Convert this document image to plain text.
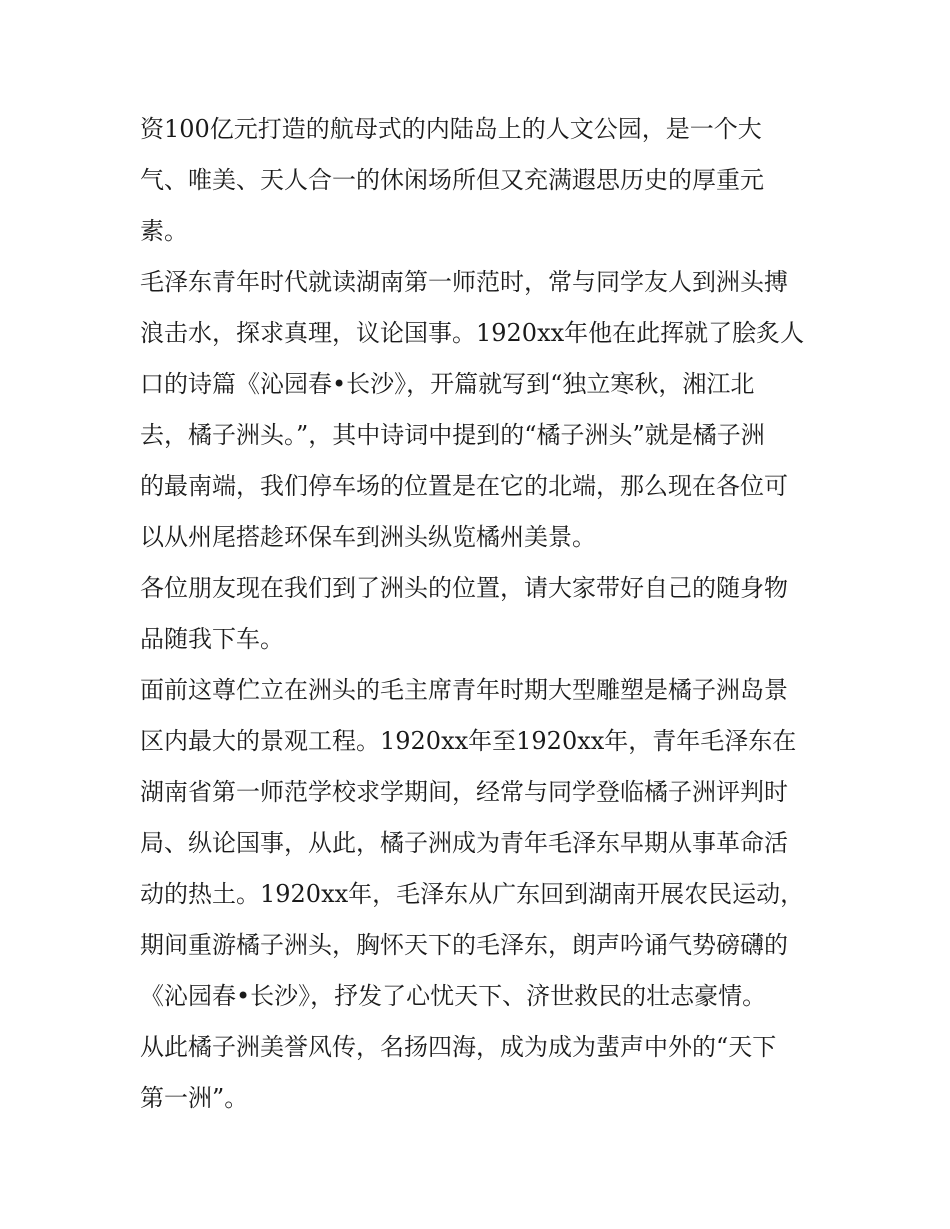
资100亿元打造的航母式的内陆岛上的人文公园，是一个大
气、唯美、天人合一的休闲场所但又充满遐思历史的厚重元
素。
毛泽东青年时代就读湖南第一师范时，常与同学友人到洲头搏
浪击水，探求真理，议论国事。1920xx年他在此挥就了脍炙人
口的诗篇《沁园春•长沙》，开篇就写到“独立寒秋，湘江北
去，橘子洲头。”，其中诗词中提到的“橘子洲头”就是橘子洲
的最南端，我们停车场的位置是在它的北端，那么现在各位可
以从州尾搭趁环保车到洲头纵览橘州美景。
各位朋友现在我们到了洲头的位置，请大家带好自己的随身物
品随我下车。
面前这尊伫立在洲头的毛主席青年时期大型雕塑是橘子洲岛景
区内最大的景观工程。1920xx年至1920xx年，青年毛泽东在
湖南省第一师范学校求学期间，经常与同学登临橘子洲评判时
局、纵论国事，从此，橘子洲成为青年毛泽东早期从事革命活
动的热土。1920xx年，毛泽东从广东回到湖南开展农民运动，
期间重游橘子洲头，胸怀天下的毛泽东，朗声吟诵气势磅礴的
《沁园春•长沙》，抒发了心忧天下、济世救民的壮志豪情。
从此橘子洲美誉风传，名扬四海，成为成为蜚声中外的“天下
第一洲”。
